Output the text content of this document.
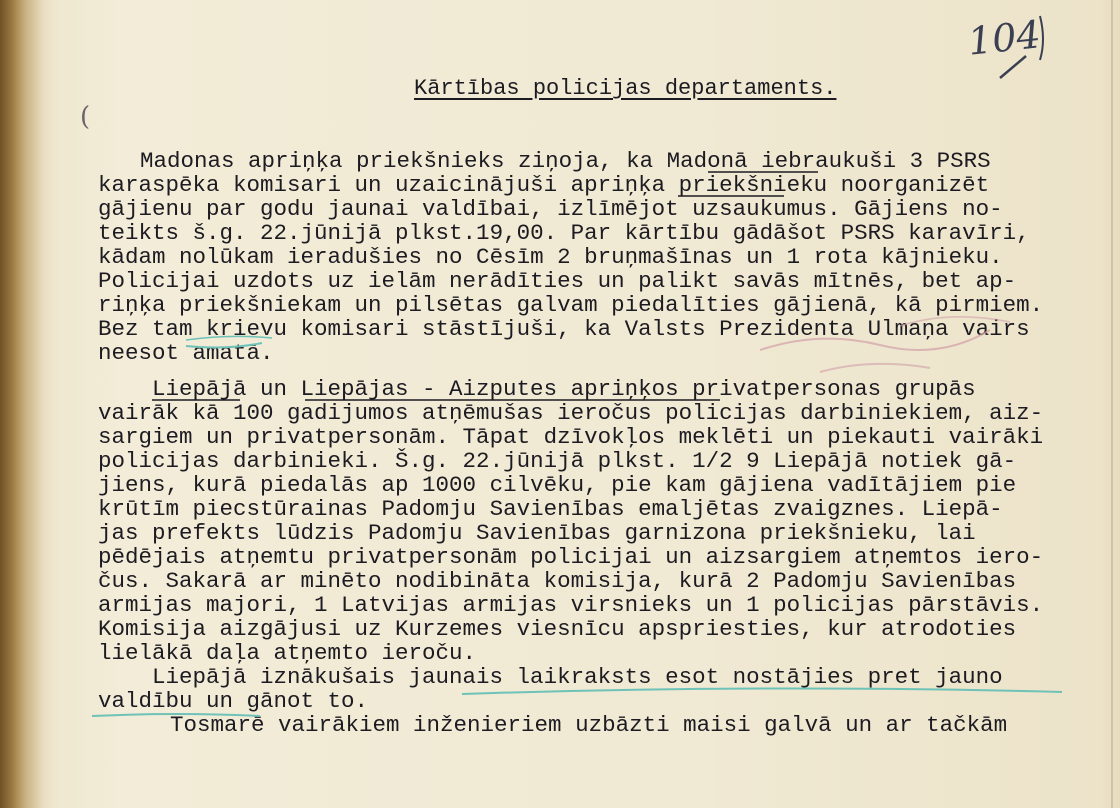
104
(
Kārtības policijas departaments.
Madonas apriņķa priekšnieks ziņoja, ka Madonā iebraukuši 3 PSRS
karaspēka komisari un uzaicinājuši apriņķa priekšnieku noorganizēt
gājienu par godu jaunai valdībai, izlīmējot uzsaukumus. Gājiens no-
teikts š.g. 22.jūnijā plkst.19,00. Par kārtību gādāšot PSRS karavīri,
kādam nolūkam ieradušies no Cēsīm 2 bruņmašīnas un 1 rota kājnieku.
Policijai uzdots uz ielām nerādīties un palikt savās mītnēs, bet ap-
riņķa priekšniekam un pilsētas galvam piedalīties gājienā, kā pirmiem.
Bez tam krievu komisari stāstījuši, ka Valsts Prezidenta Ulmaņa vairs
neesot amatā.
Liepājā un Liepājas - Aizputes apriņķos privatpersonas grupās
vairāk kā 100 gadijumos atņēmušas ieročus policijas darbiniekiem, aiz-
sargiem un privatpersonām. Tāpat dzīvokļos meklēti un piekauti vairāki
policijas darbinieki. Š.g. 22.jūnijā plkst. 1/2 9 Liepājā notiek gā-
jiens, kurā piedalās ap 1000 cilvēku, pie kam gājiena vadītājiem pie
krūtīm piecstūrainas Padomju Savienības emaljētas zvaigznes. Liepā-
jas prefekts lūdzis Padomju Savienības garnizona priekšnieku, lai
pēdējais atņemtu privatpersonām policijai un aizsargiem atņemtos iero-
čus. Sakarā ar minēto nodibināta komisija, kurā 2 Padomju Savienības
armijas majori, 1 Latvijas armijas virsnieks un 1 policijas pārstāvis.
Komisija aizgājusi uz Kurzemes viesnīcu apspriesties, kur atrodoties
lielākā daļa atņemto ieroču.
Liepājā iznākušais jaunais laikraksts esot nostājies pret jauno
valdību un gānot to.
Tosmarē vairākiem inženieriem uzbāzti maisi galvā un ar tačkām
